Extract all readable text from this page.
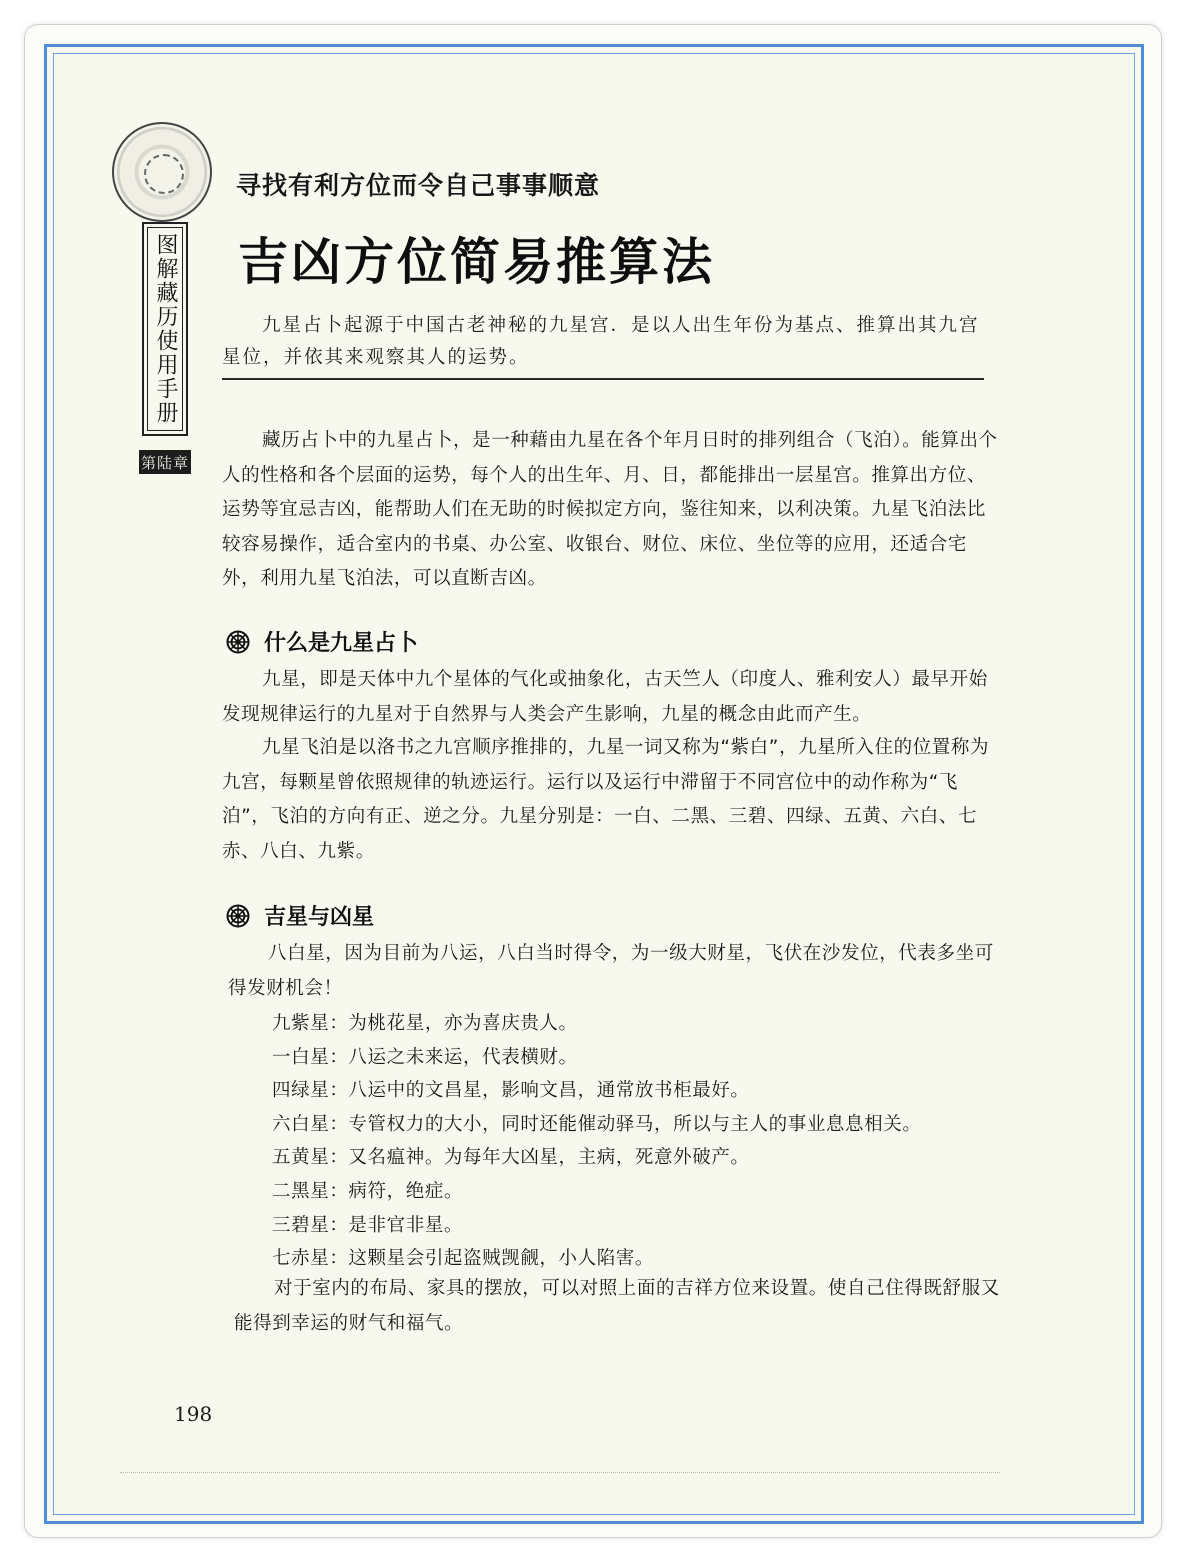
图解藏历使用手册
第陆章
寻找有利方位而令自己事事顺意
吉凶方位简易推算法

九星占卜起源于中国古老神秘的九星宫．是以人出生年份为基点、推算出其九宫星位，并依其来观察其人的运势。

藏历占卜中的九星占卜，是一种藉由九星在各个年月日时的排列组合（飞泊）。能算出个人的性格和各个层面的运势，每个人的出生年、月、日，都能排出一层星宫。推算出方位、运势等宜忌吉凶，能帮助人们在无助的时候拟定方向，鉴往知来，以利决策。九星飞泊法比较容易操作，适合室内的书桌、办公室、收银台、财位、床位、坐位等的应用，还适合宅外，利用九星飞泊法，可以直断吉凶。

什么是九星占卜

九星，即是天体中九个星体的气化或抽象化，古天竺人（印度人、雅利安人）最早开始发现规律运行的九星对于自然界与人类会产生影响，九星的概念由此而产生。

九星飞泊是以洛书之九宫顺序推排的，九星一词又称为“紫白”，九星所入住的位置称为九宫，每颗星曾依照规律的轨迹运行。运行以及运行中滞留于不同宫位中的动作称为“飞泊”，飞泊的方向有正、逆之分。九星分别是：一白、二黑、三碧、四绿、五黄、六白、七赤、八白、九紫。

吉星与凶星

八白星，因为目前为八运，八白当时得令，为一级大财星，飞伏在沙发位，代表多坐可得发财机会！

九紫星：为桃花星，亦为喜庆贵人。
一白星：八运之未来运，代表横财。
四绿星：八运中的文昌星，影响文昌，通常放书柜最好。
六白星：专管权力的大小，同时还能催动驿马，所以与主人的事业息息相关。
五黄星：又名瘟神。为每年大凶星，主病，死意外破产。
二黑星：病符，绝症。
三碧星：是非官非星。
七赤星：这颗星会引起盗贼觊觎，小人陷害。

对于室内的布局、家具的摆放，可以对照上面的吉祥方位来设置。使自己住得既舒服又能得到幸运的财气和福气。

198
